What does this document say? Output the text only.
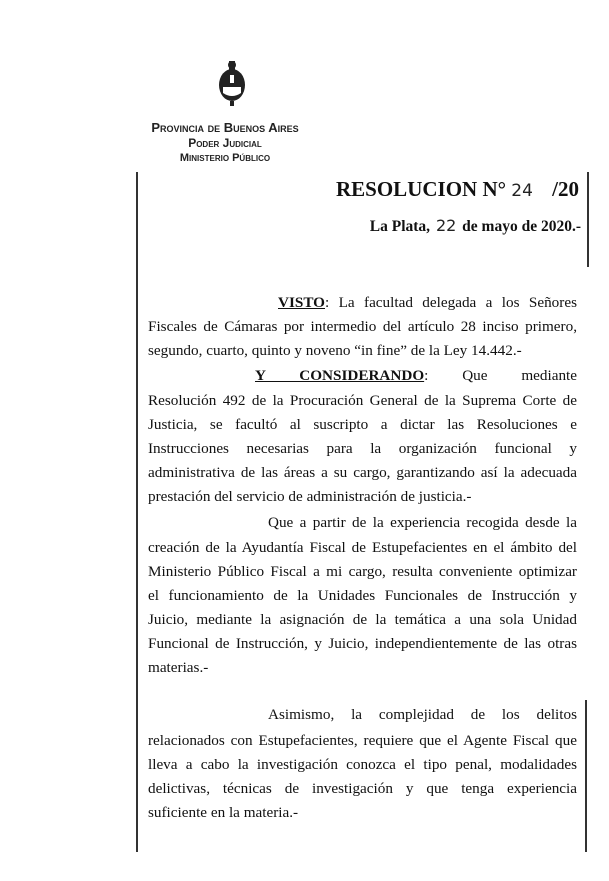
Provincia de Buenos Aires
Poder Judicial
Ministerio Público
RESOLUCION N° 24 /20
La Plata, 22 de mayo de 2020.-
VISTO: La facultad delegada a los Señores
Fiscales de Cámaras por intermedio del artículo 28 inciso primero,
segundo, cuarto, quinto y noveno “in fine” de la Ley 14.442.-
Y CONSIDERANDO: Que mediante
Resolución 492 de la Procuración General de la Suprema Corte de
Justicia, se facultó al suscripto a dictar las Resoluciones e
Instrucciones necesarias para la organización funcional y
administrativa de las áreas a su cargo, garantizando así la adecuada
prestación del servicio de administración de justicia.-
Que a partir de la experiencia recogida desde la
creación de la Ayudantía Fiscal de Estupefacientes en el ámbito del
Ministerio Público Fiscal a mi cargo, resulta conveniente optimizar
el funcionamiento de la Unidades Funcionales de Instrucción y
Juicio, mediante la asignación de la temática a una sola Unidad
Funcional de Instrucción, y Juicio, independientemente de las otras
materias.-
Asimismo, la complejidad de los delitos
relacionados con Estupefacientes, requiere que el Agente Fiscal que
lleva a cabo la investigación conozca el tipo penal, modalidades
delictivas, técnicas de investigación y que tenga experiencia
suficiente en la materia.-
